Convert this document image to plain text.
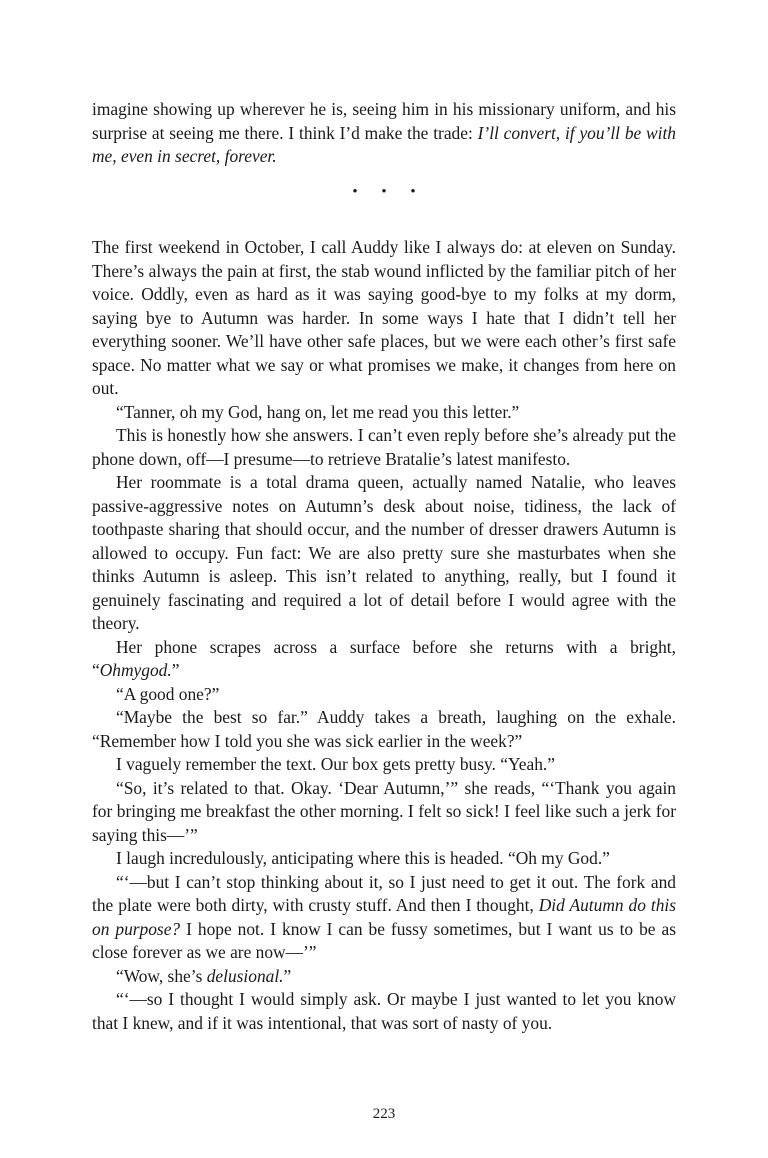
imagine showing up wherever he is, seeing him in his missionary uniform, and his surprise at seeing me there. I think I’d make the trade: I’ll convert, if you’ll be with me, even in secret, forever.

• • •

The first weekend in October, I call Auddy like I always do: at eleven on Sunday. There’s always the pain at first, the stab wound inflicted by the familiar pitch of her voice. Oddly, even as hard as it was saying good-bye to my folks at my dorm, saying bye to Autumn was harder. In some ways I hate that I didn’t tell her everything sooner. We’ll have other safe places, but we were each other’s first safe space. No matter what we say or what promises we make, it changes from here on out.

“Tanner, oh my God, hang on, let me read you this letter.”

This is honestly how she answers. I can’t even reply before she’s already put the phone down, off—I presume—to retrieve Bratalie’s latest manifesto.

Her roommate is a total drama queen, actually named Natalie, who leaves passive-aggressive notes on Autumn’s desk about noise, tidiness, the lack of toothpaste sharing that should occur, and the number of dresser drawers Autumn is allowed to occupy. Fun fact: We are also pretty sure she masturbates when she thinks Autumn is asleep. This isn’t related to anything, really, but I found it genuinely fascinating and required a lot of detail before I would agree with the theory.

Her phone scrapes across a surface before she returns with a bright, “Ohmygod.”

“A good one?”

“Maybe the best so far.” Auddy takes a breath, laughing on the exhale. “Remember how I told you she was sick earlier in the week?”

I vaguely remember the text. Our box gets pretty busy. “Yeah.”

“So, it’s related to that. Okay. ‘Dear Autumn,’” she reads, “‘Thank you again for bringing me breakfast the other morning. I felt so sick! I feel like such a jerk for saying this—’”

I laugh incredulously, anticipating where this is headed. “Oh my God.”

“‘—but I can’t stop thinking about it, so I just need to get it out. The fork and the plate were both dirty, with crusty stuff. And then I thought, Did Autumn do this on purpose? I hope not. I know I can be fussy sometimes, but I want us to be as close forever as we are now—’”

“Wow, she’s delusional.”

“‘—so I thought I would simply ask. Or maybe I just wanted to let you know that I knew, and if it was intentional, that was sort of nasty of you.

223
